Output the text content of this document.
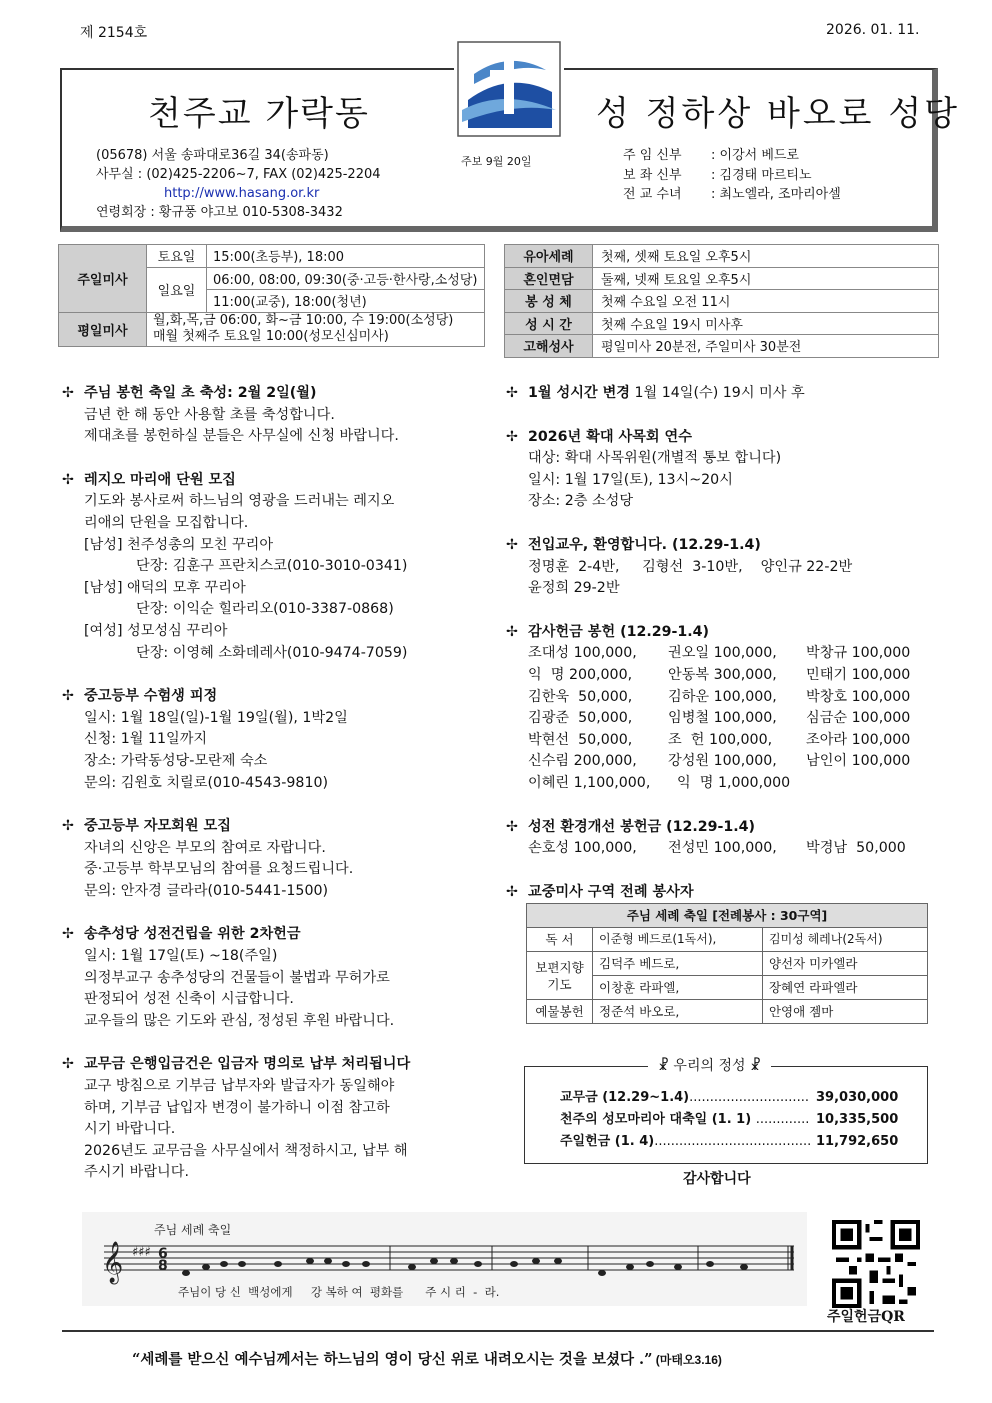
제 2154호	2026. 01. 11.
천주교 가락동	성 정하상 바오로 성당
(05678) 서울 송파대로36길 34(송파동)
사무실 : (02)425-2206~7, FAX (02)425-2204
http://www.hasang.or.kr
연령회장 : 황규풍 야고보 010-5308-3432
주보 9월 20일	주 임 신부	: 이강서 베드로
보 좌 신부	: 김경태 마르티노
전 교 수녀	: 최노엘라, 조마리아셀
주일미사	토요일	15:00(초등부), 18:00
	일요일	06:00, 08:00, 09:30(중·고등·한사랑,소성당)
		11:00(교중), 18:00(청년)
평일미사	월,화,목,금 06:00, 화~금 10:00, 수 19:00(소성당)
매월 첫째주 토요일 10:00(성모신심미사)	
유아세례	첫째, 셋째 토요일 오후5시
혼인면담	둘째, 넷째 토요일 오후5시
봉 성 체	첫째 수요일 오전 11시
성 시 간	첫째 수요일 19시 미사후
고해성사	평일미사 20분전, 주일미사 30분전
✢ 주님 봉헌 축일 초 축성: 2월 2일(월)
금년 한 해 동안 사용할 초를 축성합니다.
제대초를 봉헌하실 분들은 사무실에 신청 바랍니다.
✢ 레지오 마리애 단원 모집
기도와 봉사로써 하느님의 영광을 드러내는 레지오
리애의 단원을 모집합니다.
[남성] 천주성총의 모친 꾸리아
단장: 김훈구 프란치스코(010-3010-0341)
[남성] 애덕의 모후 꾸리아
단장: 이익순 힐라리오(010-3387-0868)
[여성] 성모성심 꾸리아
단장: 이영혜 소화데레사(010-9474-7059)
✢ 중고등부 수험생 피정
일시: 1월 18일(일)-1월 19일(월), 1박2일
신청: 1월 11일까지
장소: 가락동성당-모란제 숙소
문의: 김원호 치릴로(010-4543-9810)
✢ 중고등부 자모회원 모집
자녀의 신앙은 부모의 참여로 자랍니다.
중·고등부 학부모님의 참여를 요청드립니다.
문의: 안자경 글라라(010-5441-1500)
✢ 송추성당 성전건립을 위한 2차헌금
일시: 1월 17일(토) ~18(주일)
의정부교구 송추성당의 건물들이 불법과 무허가로
판정되어 성전 신축이 시급합니다.
교우들의 많은 기도와 관심, 정성된 후원 바랍니다.
✢ 교무금 은행입금건은 입금자 명의로 납부 처리됩니다
교구 방침으로 기부금 납부자와 발급자가 동일해야
하며, 기부금 납입자 변경이 불가하니 이점 참고하
시기 바랍니다.
2026년도 교무금을 사무실에서 책정하시고, 납부 해
주시기 바랍니다.
✢ 1월 성시간 변경 1월 14일(수) 19시 미사 후
✢ 2026년 확대 사목회 연수
대상: 확대 사목위원(개별적 통보 합니다)
일시: 1월 17일(토), 13시~20시
장소: 2층 소성당
✢ 전입교우, 환영합니다. (12.29-1.4)
정명훈  2-4반,     김형선  3-10반,    양인규 22-2반
윤정희 29-2반
✢ 감사헌금 봉헌 (12.29-1.4)
조대성 100,000,	권오일 100,000,	박창규 100,000
익  명 200,000,	안동복 300,000,	민태기 100,000
김한욱  50,000,	김하운 100,000,	박창호 100,000
김광준  50,000,	임병철 100,000,	심금순 100,000
박현선  50,000,	조  헌 100,000,	조아라 100,000
신수림 200,000,	강성원 100,000,	남인이 100,000
이혜린 1,100,000,	익  명 1,000,000
✢ 성전 환경개선 봉헌금 (12.29-1.4)
손호성 100,000,	전성민 100,000,	박경남  50,000
✢ 교중미사 구역 전례 봉사자
주님 세례 축일 [전례봉사 : 30구역]		
독 서	이준형 베드로(1독서),	김미성 헤레나(2독서)
보편지향
기도	김덕주 베드로,	양선자 미카엘라
	이창훈 라파엘,	장혜연 라파엘라
예물봉헌	정준석 바오로,	안영애 젬마
☧ 우리의 정성 ☧
교무금 (12.29~1.4) .....	39,030,000
천주의 성모마리아 대축일 (1. 1) .....	10,335,500
주일헌금 (1. 4) .....	11,792,650
감사합니다
𝄞 ♯♯♯ 6
8
주님 세례 축일
주님이 당 신  백성에게     강 복하 여  평화를      주 시 리  -  라.
주일헌금QR
“세례를 받으신 예수님께서는 하느님의 영이 당신 위로 내려오시는 것을 보셨다 .” (마태오3.16)
